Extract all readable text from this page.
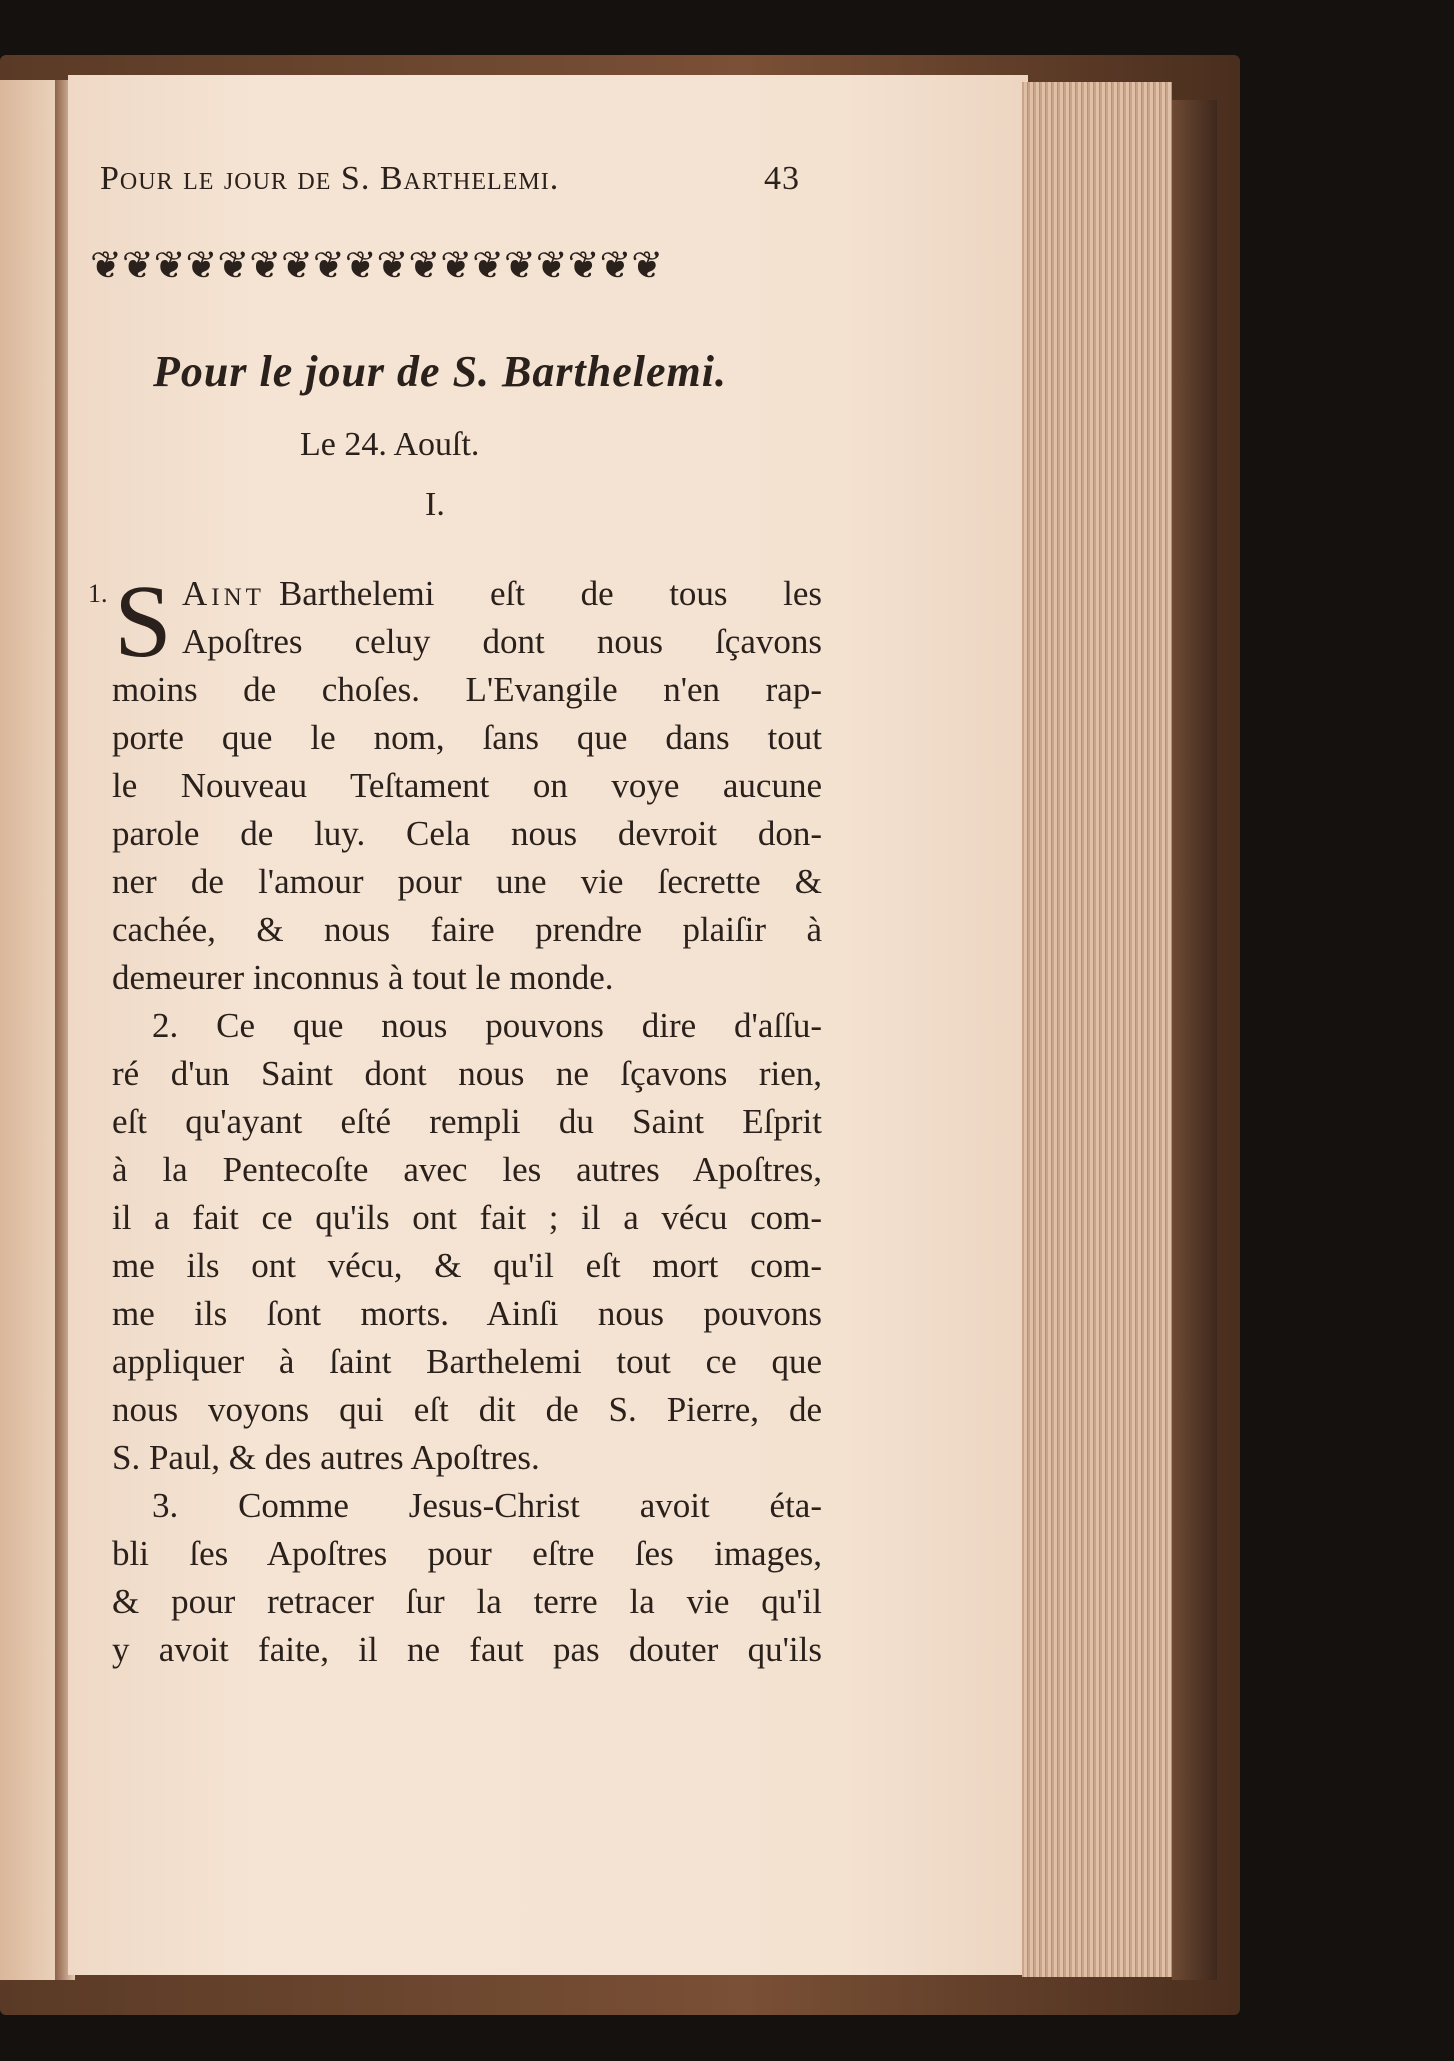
Pour le jour de S. Barthelemi.	43
❦❦❦❦❦❦❦❦❦❦❦❦❦❦❦❦❦❦
Pour le jour de S. Barthelemi.
Le 24. Aouſt.
I.
S
1. Aint Barthelemi eſt de tous les
Apoſtres celuy dont nous ſçavons
moins de choſes. L'Evangile n'en rap-
porte que le nom, ſans que dans tout
le Nouveau Teſtament on voye aucune
parole de luy. Cela nous devroit don-
ner de l'amour pour une vie ſecrette &
cachée, & nous faire prendre plaiſir à
demeurer inconnus à tout le monde.
2. Ce que nous pouvons dire d'aſſu-
ré d'un Saint dont nous ne ſçavons rien,
eſt qu'ayant eſté rempli du Saint Eſprit
à la Pentecoſte avec les autres Apoſtres,
il a fait ce qu'ils ont fait ; il a vécu com-
me ils ont vécu, & qu'il eſt mort com-
me ils ſont morts. Ainſi nous pouvons
appliquer à ſaint Barthelemi tout ce que
nous voyons qui eſt dit de S. Pierre, de
S. Paul, & des autres Apoſtres.
3. Comme Jesus-Christ avoit éta-
bli ſes Apoſtres pour eſtre ſes images,
& pour retracer ſur la terre la vie qu'il
y avoit faite, il ne faut pas douter qu'ils
